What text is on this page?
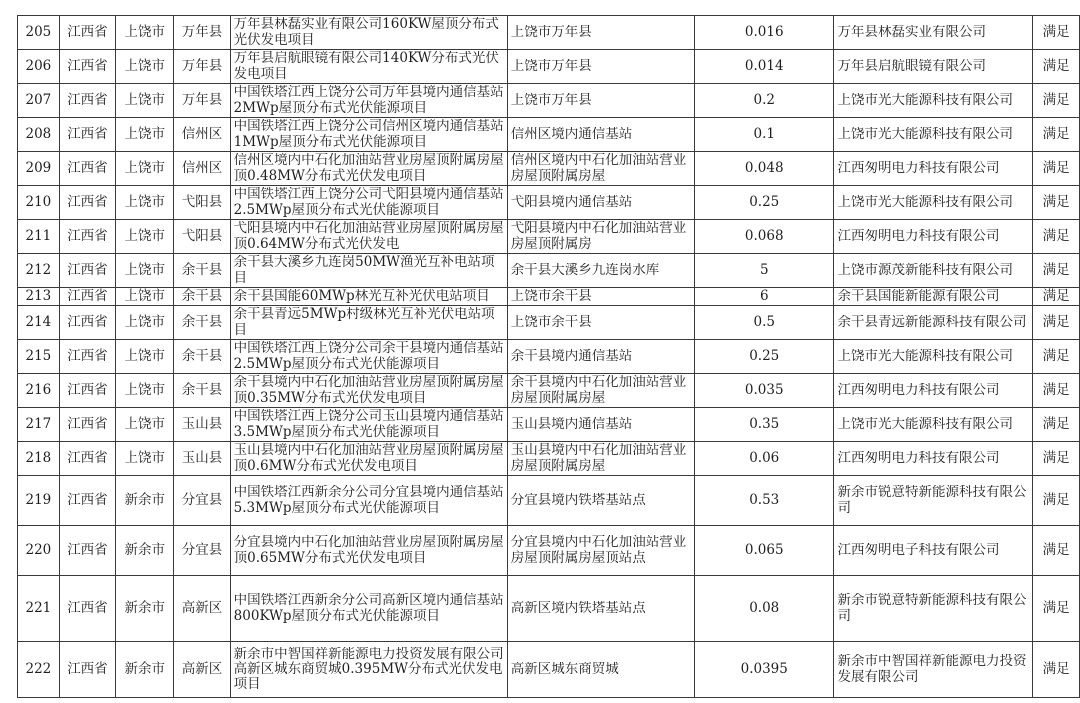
205	江西省	上饶市	万年县	万年县林磊实业有限公司160KW屋顶分布式光伏发电项目	上饶市万年县	0.016	万年县林磊实业有限公司	满足
206	江西省	上饶市	万年县	万年县启航眼镜有限公司140KW分布式光伏发电项目	上饶市万年县	0.014	万年县启航眼镜有限公司	满足
207	江西省	上饶市	万年县	中国铁塔江西上饶分公司万年县境内通信基站2MWp屋顶分布式光伏能源项目	上饶市万年县	0.2	上饶市光大能源科技有限公司	满足
208	江西省	上饶市	信州区	中国铁塔江西上饶分公司信州区境内通信基站1MWp屋顶分布式光伏能源项目	信州区境内通信基站	0.1	上饶市光大能源科技有限公司	满足
209	江西省	上饶市	信州区	信州区境内中石化加油站营业房屋顶附属房屋顶0.48MW分布式光伏发电项目	信州区境内中石化加油站营业房屋顶附属房屋	0.048	江西匆明电力科技有限公司	满足
210	江西省	上饶市	弋阳县	中国铁塔江西上饶分公司弋阳县境内通信基站2.5MWp屋顶分布式光伏能源项目	弋阳县境内通信基站	0.25	上饶市光大能源科技有限公司	满足
211	江西省	上饶市	弋阳县	弋阳县境内中石化加油站营业房屋顶附属房屋顶0.64MW分布式光伏发电	弋阳县境内中石化加油站营业房屋顶附属房	0.068	江西匆明电力科技有限公司	满足
212	江西省	上饶市	余干县	余干县大溪乡九连岗50MW渔光互补电站项目	余干县大溪乡九连岗水库	5	上饶市源茂新能科技有限公司	满足
213	江西省	上饶市	余干县	余干县国能60MWp林光互补光伏电站项目	上饶市余干县	6	余干县国能新能源有限公司	满足
214	江西省	上饶市	余干县	余干县青远5MWp村级林光互补光伏电站项目	上饶市余干县	0.5	余干县青远新能源科技有限公司	满足
215	江西省	上饶市	余干县	中国铁塔江西上饶分公司余干县境内通信基站2.5MWp屋顶分布式光伏能源项目	余干县境内通信基站	0.25	上饶市光大能源科技有限公司	满足
216	江西省	上饶市	余干县	余干县境内中石化加油站营业房屋顶附属房屋顶0.35MW分布式光伏发电项目	余干县境内中石化加油站营业房屋顶附属房屋	0.035	江西匆明电力科技有限公司	满足
217	江西省	上饶市	玉山县	中国铁塔江西上饶分公司玉山县境内通信基站3.5MWp屋顶分布式光伏能源项目	玉山县境内通信基站	0.35	上饶市光大能源科技有限公司	满足
218	江西省	上饶市	玉山县	玉山县境内中石化加油站营业房屋顶附属房屋顶0.6MW分布式光伏发电项目	玉山县境内中石化加油站营业房屋顶附属房屋	0.06	江西匆明电力科技有限公司	满足
219	江西省	新余市	分宜县	中国铁塔江西新余分公司分宜县境内通信基站5.3MWp屋顶分布式光伏能源项目	分宜县境内铁塔基站点	0.53	新余市锐意特新能源科技有限公司	满足
220	江西省	新余市	分宜县	分宜县境内中石化加油站营业房屋顶附属房屋顶0.65MW分布式光伏发电项目	分宜县境内中石化加油站营业房屋顶附属房屋顶站点	0.065	江西匆明电子科技有限公司	满足
221	江西省	新余市	高新区	中国铁塔江西新余分公司高新区境内通信基站800KWp屋顶分布式光伏能源项目	高新区境内铁塔基站点	0.08	新余市锐意特新能源科技有限公司	满足
222	江西省	新余市	高新区	新余市中智国祥新能源电力投资发展有限公司高新区城东商贸城0.395MW分布式光伏发电项目	高新区城东商贸城	0.0395	新余市中智国祥新能源电力投资发展有限公司	满足
